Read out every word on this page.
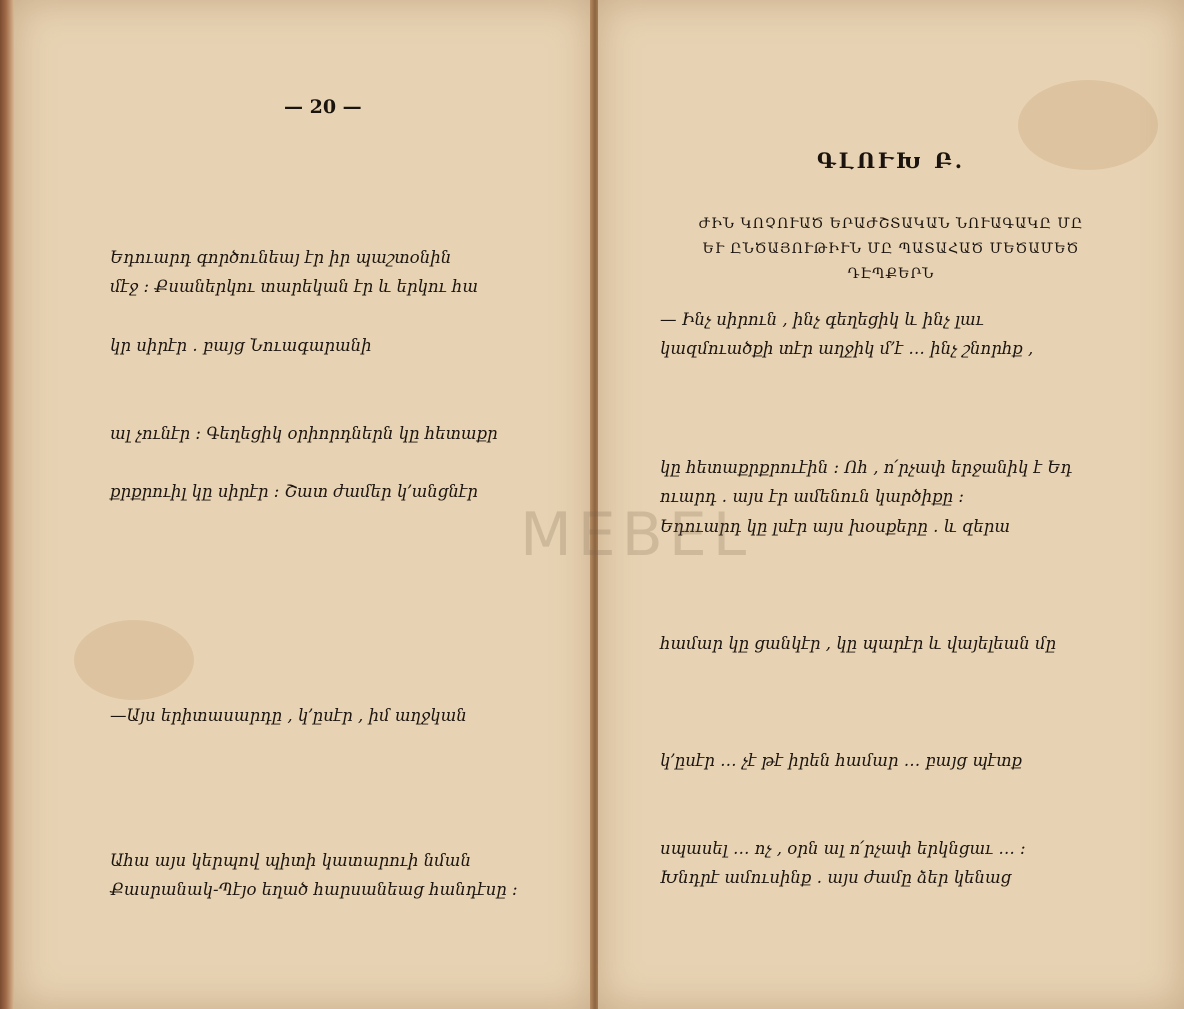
— 20 —
Եդուարդ գործունեայ էր իր պաշտօնին
մէջ ։ Քսաներկու տարեկան էր և երկու հա
կր սիրէր ․ բայց Նուագարանի
ալ չունէր ։ Գեղեցիկ օրիորդներն կը հետաքր
քրքրուիլ կը սիրէր ։ Շատ ժամեր կ՚անցնէր
—Այս երիտասարդը , կ՚ըսէր , իմ աղջկան
Ահա այս կերպով պիտի կատարուի նման
Քասրանակ-Պէյօ եղած հարսանեաց հանդէսը ։
ԳԼՈՒԽ Բ․
ԺԻՆ ԿՈՉՈՒԱԾ ԵՐԱԺՇՏԱԿԱՆ ՆՈՒԱԳԱԿԸ ՄԸ
ԵՒ ԸՆԾԱՅՈՒԹԻՒՆ ՄԸ ՊԱՏԱՀԱԾ ՄԵԾԱՄԵԾ
ԴԷՊՔԵՐՆ
— Ինչ սիրուն , ինչ գեղեցիկ և ինչ լաւ
կազմուածքի տէր աղջիկ մ՚է … ինչ շնորհք ,
կը հետաքրքրուէին ։ Ոհ , ո՛րչափ երջանիկ է Եդ
ուարդ ․ այս էր ամենուն կարծիքը ։
Եդուարդ կը լսէր այս խօսքերը ․ և զերա
համար կը ցանկէր , կը պարէր և վայելեան մը
կ՚ըսէր … չէ թէ իրեն համար … բայց պէտք
սպասել … ոչ , օրն ալ ո՛րչափ երկնցաւ … ։
Խնդրէ ամուսինք ․ այս ժամը ձեր կենաց
MEBEL
